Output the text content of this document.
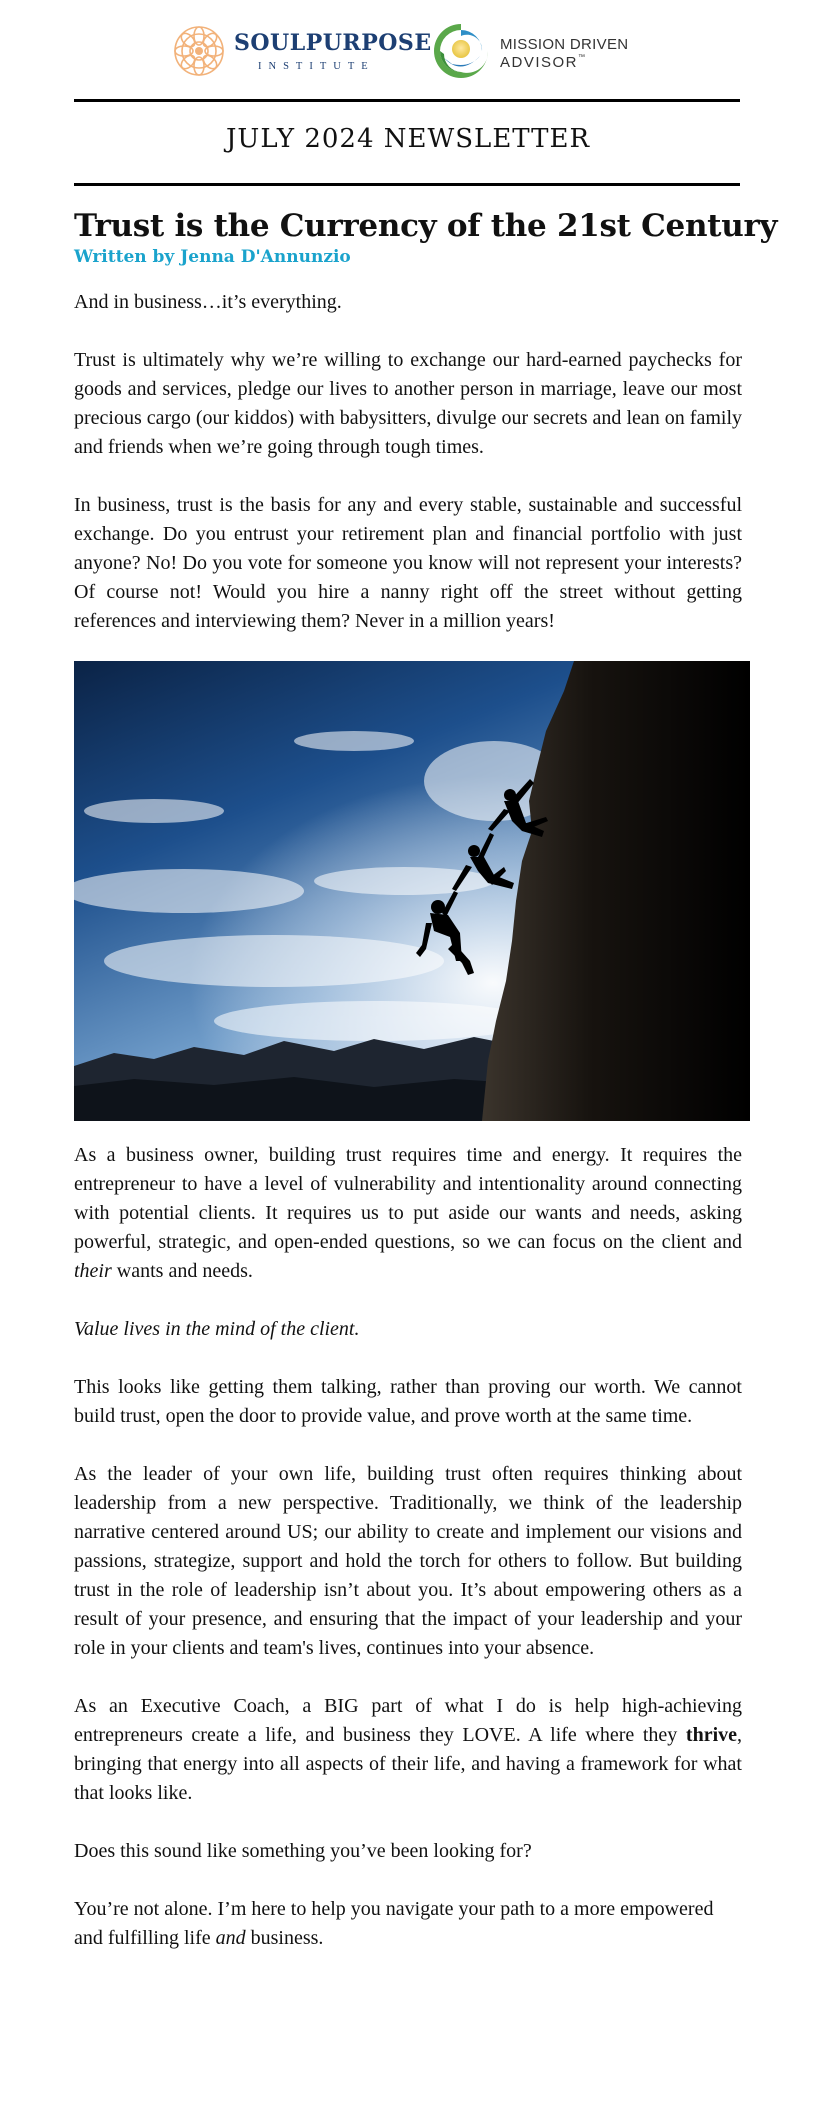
SOULPURPOSE
INSTITUTE
MISSION DRIVEN
ADVISOR™
JULY 2024 NEWSLETTER
Trust is the Currency of the 21st Century
Written by Jenna D'Annunzio

And in business…it’s everything.

Trust is ultimately why we’re willing to exchange our hard-earned paychecks for goods and services, pledge our lives to another person in marriage, leave our most precious cargo (our kiddos) with babysitters, divulge our secrets and lean on family and friends when we’re going through tough times.

In business, trust is the basis for any and every stable, sustainable and successful exchange. Do you entrust your retirement plan and financial portfolio with just anyone? No! Do you vote for someone you know will not represent your interests? Of course not! Would you hire a nanny right off the street without getting references and interviewing them? Never in a million years!

As a business owner, building trust requires time and energy. It requires the entrepreneur to have a level of vulnerability and intentionality around connecting with potential clients. It requires us to put aside our wants and needs, asking powerful, strategic, and open-ended questions, so we can focus on the client and their wants and needs.

Value lives in the mind of the client.

This looks like getting them talking, rather than proving our worth. We cannot build trust, open the door to provide value, and prove worth at the same time.

As the leader of your own life, building trust often requires thinking about leadership from a new perspective. Traditionally, we think of the leadership narrative centered around US; our ability to create and implement our visions and passions, strategize, support and hold the torch for others to follow. But building trust in the role of leadership isn’t about you. It’s about empowering others as a result of your presence, and ensuring that the impact of your leadership and your role in your clients and team's lives, continues into your absence.

As an Executive Coach, a BIG part of what I do is help high-achieving entrepreneurs create a life, and business they LOVE. A life where they thrive, bringing that energy into all aspects of their life, and having a framework for what that looks like.

Does this sound like something you’ve been looking for?

You’re not alone. I’m here to help you navigate your path to a more empowered and fulfilling life and business.
